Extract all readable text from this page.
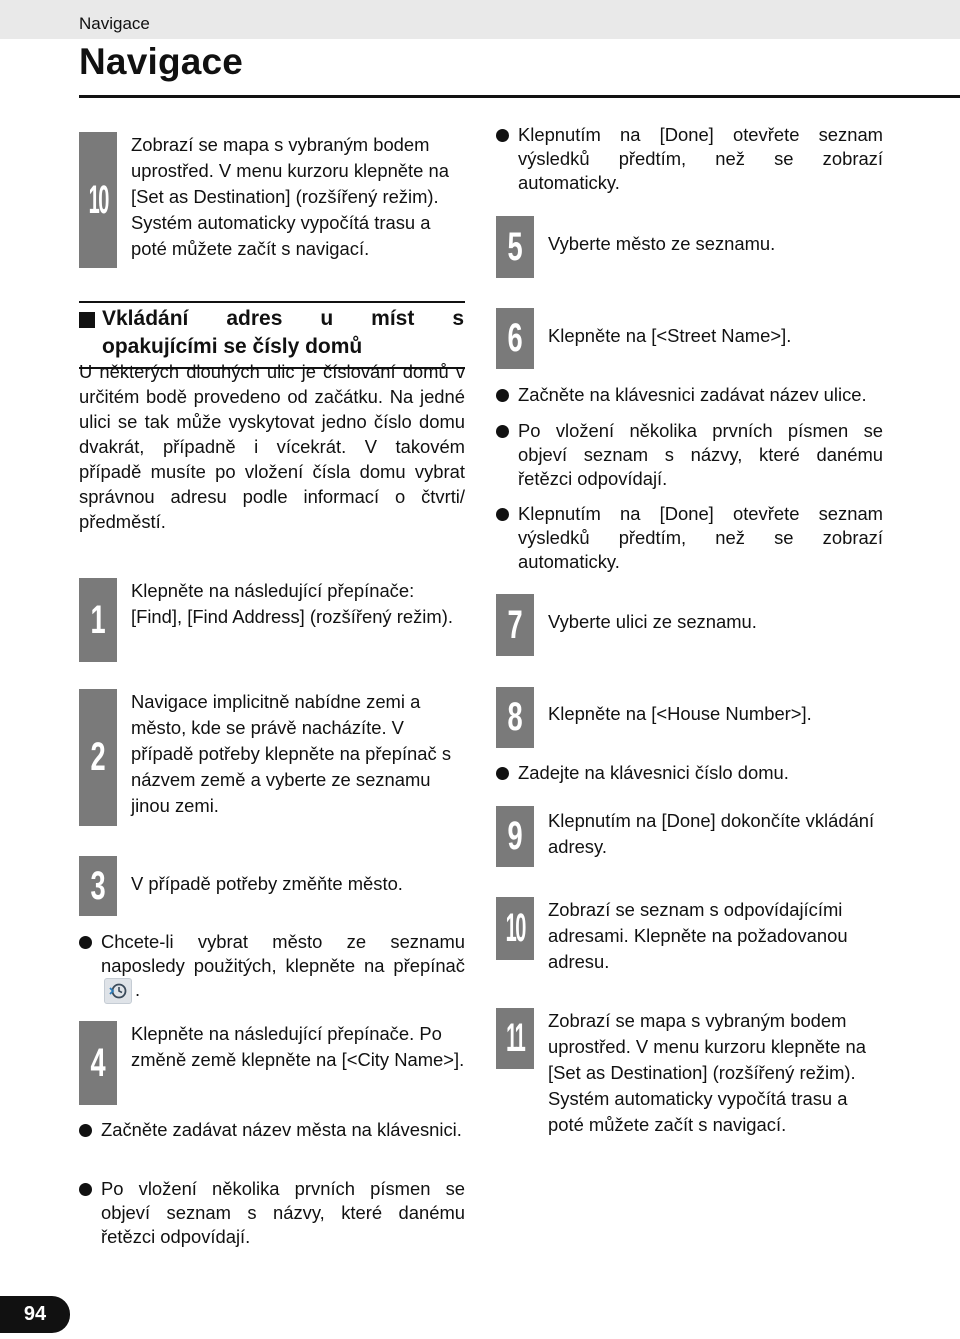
Navigace
Navigace
10
Zobrazí se mapa s vybraným bodem uprostřed. V menu kurzoru klepněte na [Set as Destination] (rozšířený režim). Systém automaticky vypočítá trasu a poté můžete začít s navigací.
Vkládání adres u míst s
opakujícími se čísly domů
U některých dlouhých ulic je číslování domů v určitém bodě provedeno od začátku. Na jedné ulici se tak může vyskytovat jedno číslo domu dvakrát, případně i vícekrát. V takovém případě musíte po vložení čísla domu vybrat správnou adresu podle informací o čtvrti/ předměstí.
1
Klepněte na následující přepínače: [Find], [Find Address] (rozšířený režim).
2
Navigace implicitně nabídne zemi a město, kde se právě nacházíte. V případě potřeby klepněte na přepínač s názvem země a vyberte ze seznamu jinou zemi.
3	V případě potřeby změňte město.
Chcete-li vybrat město ze seznamu naposledy použitých, klepněte na přepínač .
4
Klepněte na následující přepínače. Po změně země klepněte na [<City Name>].
Začněte zadávat název města na klávesnici.
Po vložení několika prvních písmen se objeví seznam s názvy, které danému řetězci odpovídají.
Klepnutím na [Done] otevřete seznam výsledků předtím, než se zobrazí automaticky.
5	Vyberte město ze seznamu.
6	Klepněte na [<Street Name>].
Začněte na klávesnici zadávat název ulice.
Po vložení několika prvních písmen se objeví seznam s názvy, které danému řetězci odpovídají.
Klepnutím na [Done] otevřete seznam výsledků předtím, než se zobrazí automaticky.
7	Vyberte ulici ze seznamu.
8	Klepněte na [<House Number>].
Zadejte na klávesnici číslo domu.
9	Klepnutím na [Done] dokončíte vkládání adresy.
10	Zobrazí se seznam s odpovídajícími adresami. Klepněte na požadovanou adresu.
11	Zobrazí se mapa s vybraným bodem uprostřed. V menu kurzoru klepněte na [Set as Destination] (rozšířený režim). Systém automaticky vypočítá trasu a poté můžete začít s navigací.
94
